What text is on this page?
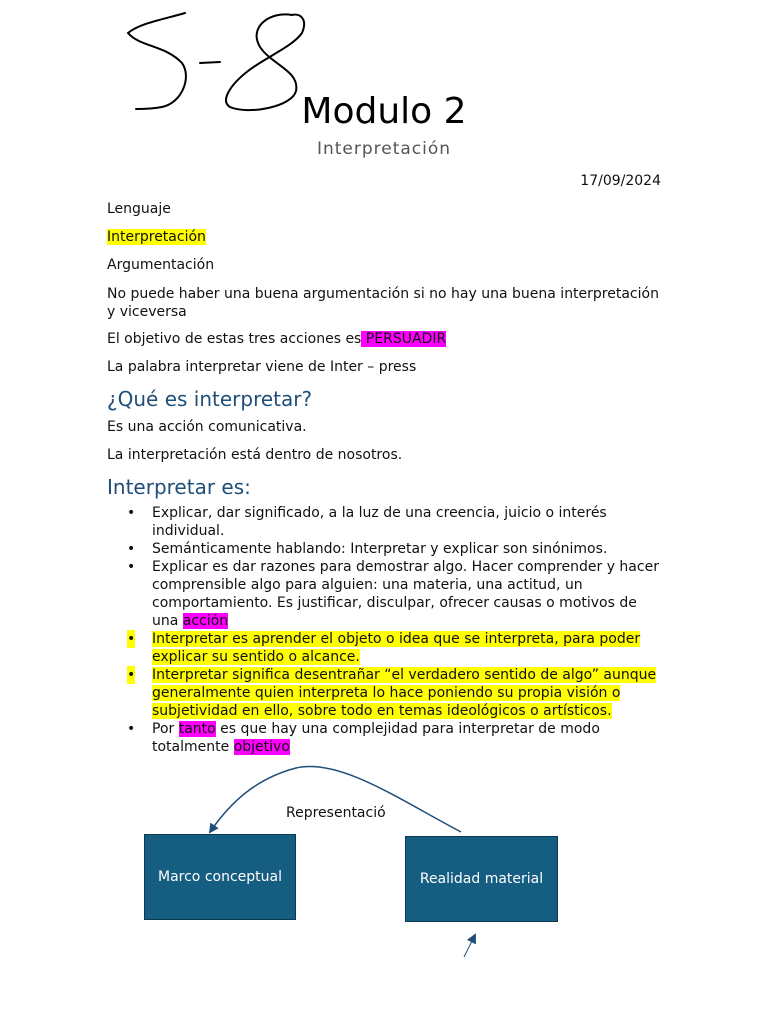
Modulo 2
Interpretación
17/09/2024

Lenguaje

Interpretación

Argumentación

No puede haber una buena argumentación si no hay una buena interpretación y viceversa

El objetivo de estas tres acciones es PERSUADIR

La palabra interpretar viene de Inter – press

¿Qué es interpretar?

Es una acción comunicativa.

La interpretación está dentro de nosotros.

Interpretar es:
• Explicar, dar significado, a la luz de una creencia, juicio o interés individual.
• Semánticamente hablando: Interpretar y explicar son sinónimos.
• Explicar es dar razones para demostrar algo. Hacer comprender y hacer comprensible algo para alguien: una materia, una actitud, un comportamiento. Es justificar, disculpar, ofrecer causas o motivos de una acción
• Interpretar es aprender el objeto o idea que se interpreta, para poder explicar su sentido o alcance.
• Interpretar significa desentrañar “el verdadero sentido de algo” aunque generalmente quien interpreta lo hace poniendo su propia visión o subjetividad en ello, sobre todo en temas ideológicos o artísticos.
• Por tanto es que hay una complejidad para interpretar de modo totalmente objetivo
Representació
Marco conceptual	Realidad material
